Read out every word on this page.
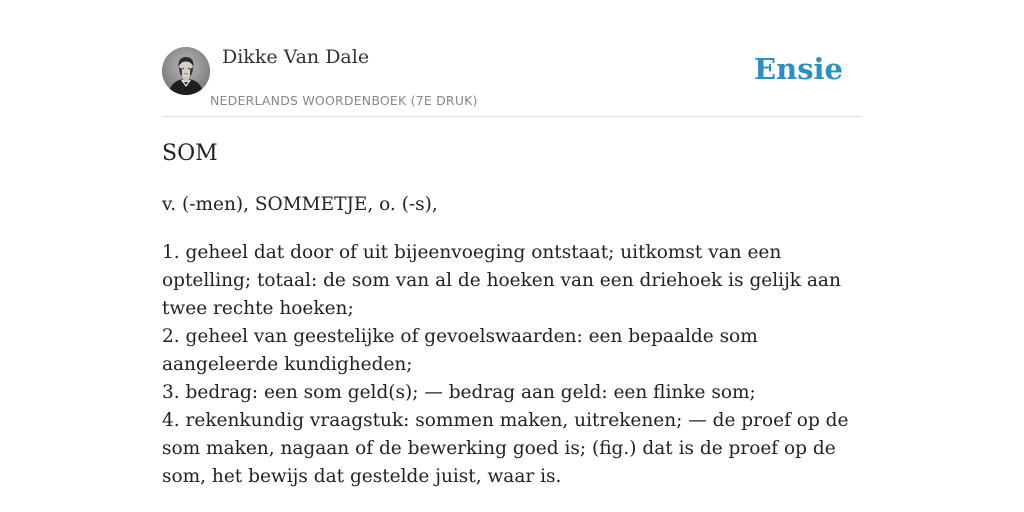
Dikke Van Dale
NEDERLANDS WOORDENBOEK (7E DRUK)
Ensie
SOM
v. (-men), SOMMETJE, o. (-s),
1. geheel dat door of uit bijeenvoeging ontstaat; uitkomst van een optelling; totaal: de som van al de hoeken van een driehoek is gelijk aan twee rechte hoeken;
2. geheel van geestelijke of gevoelswaarden: een bepaalde som aangeleerde kundigheden;
3. bedrag: een som geld(s); — bedrag aan geld: een flinke som;
4. rekenkundig vraagstuk: sommen maken, uitrekenen; — de proef op de som maken, nagaan of de bewerking goed is; (fig.) dat is de proef op de som, het bewijs dat gestelde juist, waar is.
